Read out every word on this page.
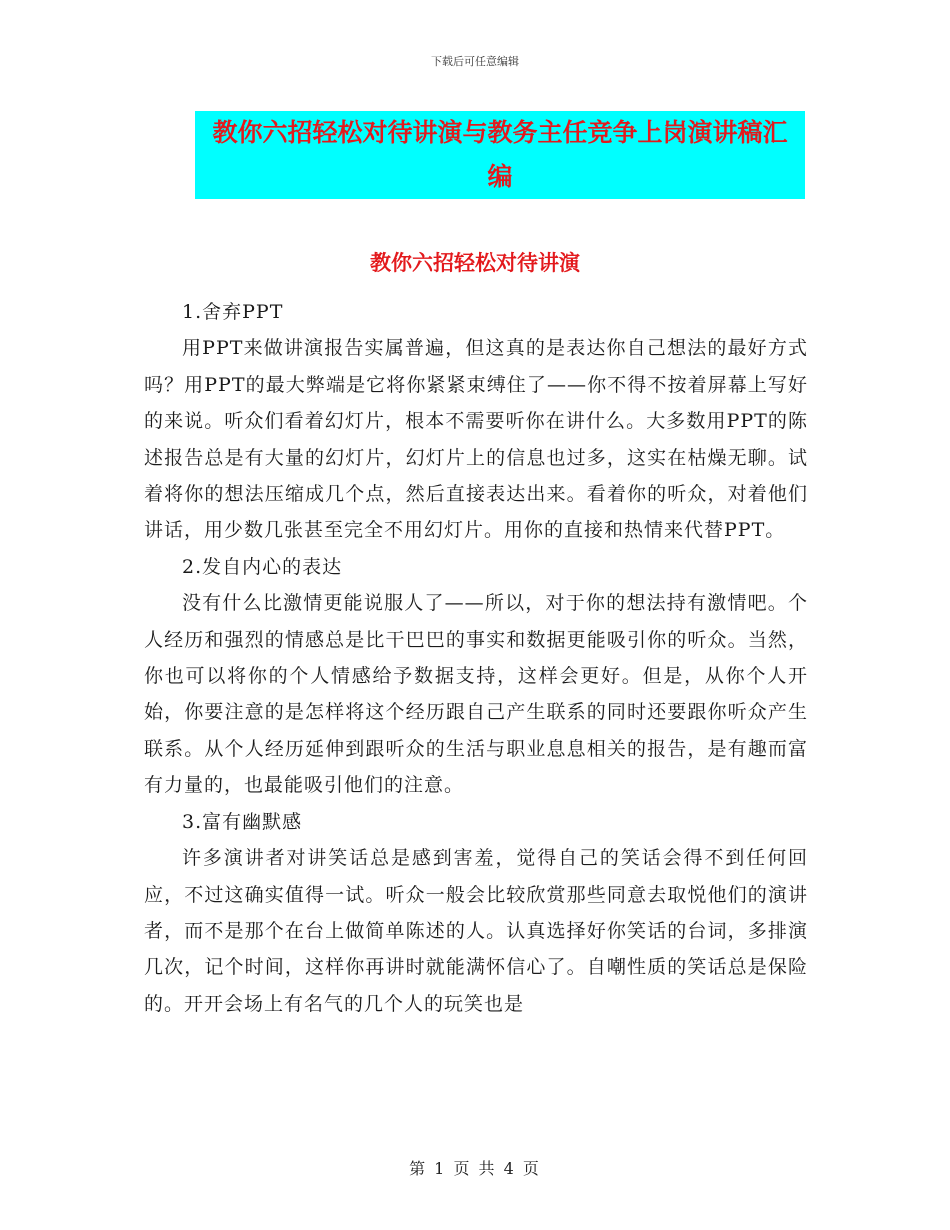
下载后可任意编辑
教你六招轻松对待讲演与教务主任竞争上岗演讲稿汇
编
教你六招轻松对待讲演

1.舍弃PPT

用PPT来做讲演报告实属普遍，但这真的是表达你自己想法的最好方式吗？用PPT的最大弊端是它将你紧紧束缚住了——你不得不按着屏幕上写好的来说。听众们看着幻灯片，根本不需要听你在讲什么。大多数用PPT的陈述报告总是有大量的幻灯片，幻灯片上的信息也过多，这实在枯燥无聊。试着将你的想法压缩成几个点，然后直接表达出来。看着你的听众，对着他们讲话，用少数几张甚至完全不用幻灯片。用你的直接和热情来代替PPT。

2.发自内心的表达

没有什么比激情更能说服人了——所以，对于你的想法持有激情吧。个人经历和强烈的情感总是比干巴巴的事实和数据更能吸引你的听众。当然，你也可以将你的个人情感给予数据支持，这样会更好。但是，从你个人开始，你要注意的是怎样将这个经历跟自己产生联系的同时还要跟你听众产生联系。从个人经历延伸到跟听众的生活与职业息息相关的报告，是有趣而富有力量的，也最能吸引他们的注意。

3.富有幽默感

许多演讲者对讲笑话总是感到害羞，觉得自己的笑话会得不到任何回应，不过这确实值得一试。听众一般会比较欣赏那些同意去取悦他们的演讲者，而不是那个在台上做简单陈述的人。认真选择好你笑话的台词，多排演几次，记个时间，这样你再讲时就能满怀信心了。自嘲性质的笑话总是保险的。开开会场上有名气的几个人的玩笑也是

第 1 页 共 4 页
